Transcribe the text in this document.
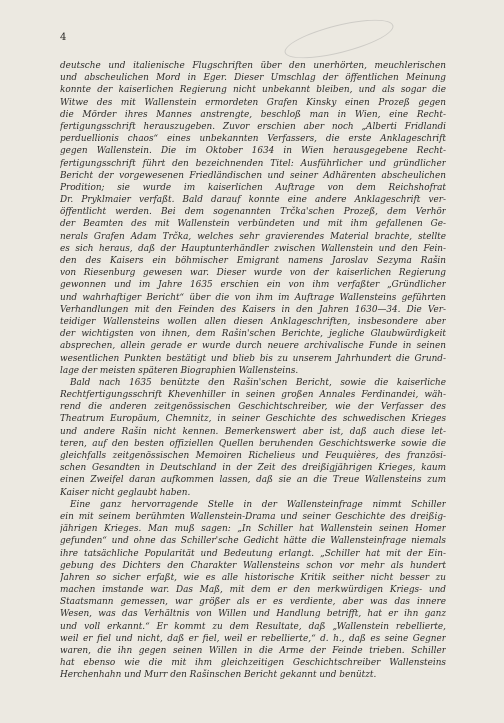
4
deutsche und italienische Flugschriften über den unerhörten, meuchlerischen
und abscheulichen Mord in Eger. Dieser Umschlag der öffentlichen Meinung
konnte der kaiserlichen Regierung nicht unbekannt bleiben, und als sogar die
Witwe des mit Wallenstein ermordeten Grafen Kinsky einen Prozeß gegen
die Mörder ihres Mannes anstrengte, beschloß man in Wien, eine Recht-
fertigungsschrift herauszugeben. Zuvor erschien aber noch „Alberti Fridlandi
perduellionis chaos“ eines unbekannten Verfassers, die erste Anklageschrift
gegen Wallenstein. Die im Oktober 1634 in Wien herausgegebene Recht-
fertigungsschrift führt den bezeichnenden Titel: Ausführlicher und gründlicher
Bericht der vorgewesenen Friedländischen und seiner Adhärenten abscheulichen
Prodition; sie wurde im kaiserlichen Auftrage von dem Reichshofrat
Dr. Pryklmaier verfaßt. Bald darauf konnte eine andere Anklageschrift ver-
öffentlicht werden. Bei dem sogenannten Trčka'schen Prozeß, dem Verhör
der Beamten des mit Wallenstein verbündeten und mit ihm gefallenen Ge-
nerals Grafen Adam Trčka, welches sehr gravierendes Material brachte, stellte
es sich heraus, daß der Hauptunterhändler zwischen Wallenstein und den Fein-
den des Kaisers ein böhmischer Emigrant namens Jaroslav Sezyma Rašin
von Riesenburg gewesen war. Dieser wurde von der kaiserlichen Regierung
gewonnen und im Jahre 1635 erschien ein von ihm verfaßter „Gründlicher
und wahrhaftiger Bericht“ über die von ihm im Auftrage Wallensteins geführten
Verhandlungen mit den Feinden des Kaisers in den Jahren 1630—34. Die Ver-
teidiger Wallensteins wollen allen diesen Anklageschriften, insbesondere aber
der wichtigsten von ihnen, dem Rašin'schen Berichte, jegliche Glaubwürdigkeit
absprechen, allein gerade er wurde durch neuere archivalische Funde in seinen
wesentlichen Punkten bestätigt und blieb bis zu unserem Jahrhundert die Grund-
lage der meisten späteren Biographien Wallensteins.
Bald nach 1635 benützte den Rašin'schen Bericht, sowie die kaiserliche
Rechtfertigungsschrift Khevenhiller in seinen großen Annales Ferdinandei, wäh-
rend die anderen zeitgenössischen Geschichtschreiber, wie der Verfasser des
Theatrum Europäum, Chemnitz, in seiner Geschichte des schwedischen Krieges
und andere Rašin nicht kennen. Bemerkenswert aber ist, daß auch diese let-
teren, auf den besten offiziellen Quellen beruhenden Geschichtswerke sowie die
gleichfalls zeitgenössischen Memoiren Richelieus und Feuquières, des französi-
schen Gesandten in Deutschland in der Zeit des dreißigjährigen Krieges, kaum
einen Zweifel daran aufkommen lassen, daß sie an die Treue Wallensteins zum
Kaiser nicht geglaubt haben.
Eine ganz hervorragende Stelle in der Wallensteinfrage nimmt Schiller
ein mit seinem berühmten Wallenstein-Drama und seiner Geschichte des dreißig-
jährigen Krieges. Man muß sagen: „In Schiller hat Wallenstein seinen Homer
gefunden“ und ohne das Schiller'sche Gedicht hätte die Wallensteinfrage niemals
ihre tatsächliche Popularität und Bedeutung erlangt. „Schiller hat mit der Ein-
gebung des Dichters den Charakter Wallensteins schon vor mehr als hundert
Jahren so sicher erfaßt, wie es alle historische Kritik seither nicht besser zu
machen imstande war. Das Maß, mit dem er den merkwürdigen Kriegs- und
Staatsmann gemessen, war größer als er es verdiente, aber was das innere
Wesen, was das Verhältnis von Willen und Handlung betrifft, hat er ihn ganz
und voll erkannt.“ Er kommt zu dem Resultate, daß „Wallenstein rebellierte,
weil er fiel und nicht, daß er fiel, weil er rebellierte,“ d. h., daß es seine Gegner
waren, die ihn gegen seinen Willen in die Arme der Feinde trieben. Schiller
hat ebenso wie die mit ihm gleichzeitigen Geschichtschreiber Wallensteins
Herchenhahn und Murr den Rašinschen Bericht gekannt und benützt.
